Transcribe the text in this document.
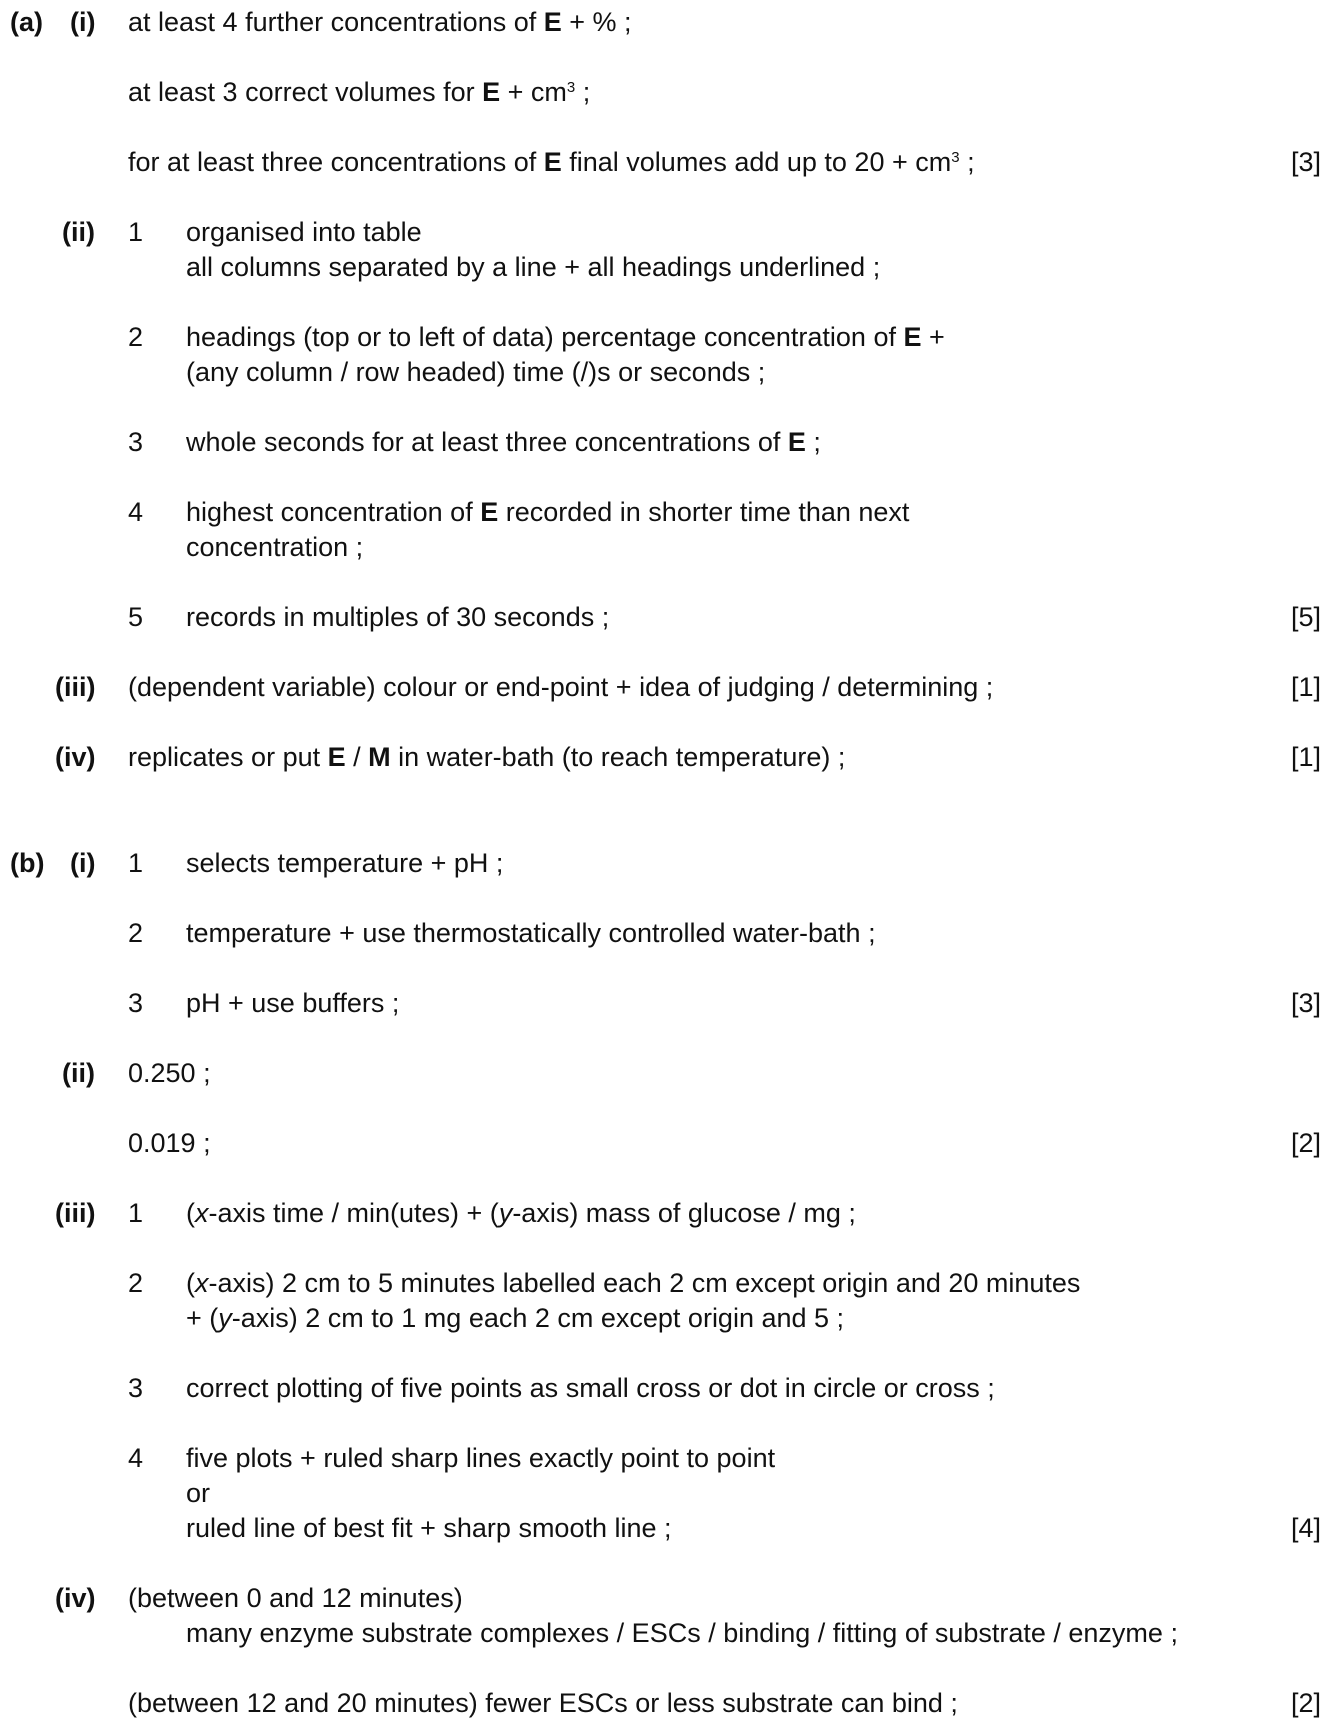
(a) (i) at least 4 further concentrations of E + % ;
at least 3 correct volumes for $E + cm^3$ ;
for at least three concentrations of E final volumes add up to $20 + cm^3$ ;	[3]
(ii) 1 organised into table
all columns separated by a line + all headings underlined ;
2 headings (top or to left of data) percentage concentration of E +
(any column / row headed) time (/)s or seconds ;
3 whole seconds for at least three concentrations of E ;
4 highest concentration of E recorded in shorter time than next
concentration ;
5 records in multiples of 30 seconds ;	[5]
(iii) (dependent variable) colour or end-point + idea of judging / determining ;	[1]
(iv) replicates or put E / M in water-bath (to reach temperature) ;	[1]
(b) (i) 1 selects temperature + pH ;
2 temperature + use thermostatically controlled water-bath ;
3 pH + use buffers ;	[3]
(ii) 0.250 ;
0.019 ;	[2]
(iii) 1 (x-axis time / min(utes) + (y-axis) mass of glucose / mg ;
2 (x-axis) 2 cm to 5 minutes labelled each 2 cm except origin and 20 minutes
+ (y-axis) 2 cm to 1 mg each 2 cm except origin and 5 ;
3 correct plotting of five points as small cross or dot in circle or cross ;
4 five plots + ruled sharp lines exactly point to point
or
ruled line of best fit + sharp smooth line ;	[4]
(iv) (between 0 and 12 minutes)
many enzyme substrate complexes / ESCs / binding / fitting of substrate / enzyme ;
(between 12 and 20 minutes) fewer ESCs or less substrate can bind ;	[2]
